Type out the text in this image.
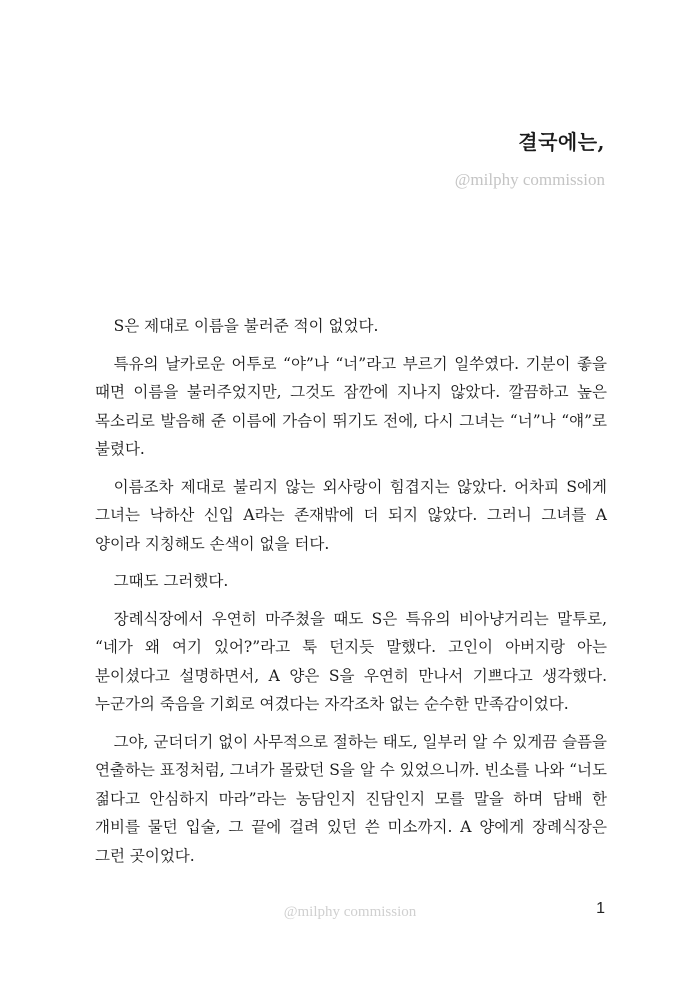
결국에는,
@milphy commission

S은 제대로 이름을 불러준 적이 없었다.

특유의 날카로운 어투로 “야”나 “너”라고 부르기 일쑤였다. 기분이 좋을 때면 이름을 불러주었지만, 그것도 잠깐에 지나지 않았다. 깔끔하고 높은 목소리로 발음해 준 이름에 가슴이 뛰기도 전에, 다시 그녀는 “너”나 “얘”로 불렸다.

이름조차 제대로 불리지 않는 외사랑이 힘겹지는 않았다. 어차피 S에게 그녀는 낙하산 신입 A라는 존재밖에 더 되지 않았다. 그러니 그녀를 A 양이라 지칭해도 손색이 없을 터다.

그때도 그러했다.

장례식장에서 우연히 마주쳤을 때도 S은 특유의 비아냥거리는 말투로, “네가 왜 여기 있어?”라고 툭 던지듯 말했다. 고인이 아버지랑 아는 분이셨다고 설명하면서, A 양은 S을 우연히 만나서 기쁘다고 생각했다. 누군가의 죽음을 기회로 여겼다는 자각조차 없는 순수한 만족감이었다.

그야, 군더더기 없이 사무적으로 절하는 태도, 일부러 알 수 있게끔 슬픔을 연출하는 표정처럼, 그녀가 몰랐던 S을 알 수 있었으니까. 빈소를 나와 “너도 젊다고 안심하지 마라”라는 농담인지 진담인지 모를 말을 하며 담배 한 개비를 물던 입술, 그 끝에 걸려 있던 쓴 미소까지. A 양에게 장례식장은 그런 곳이었다.

@milphy commission	1
